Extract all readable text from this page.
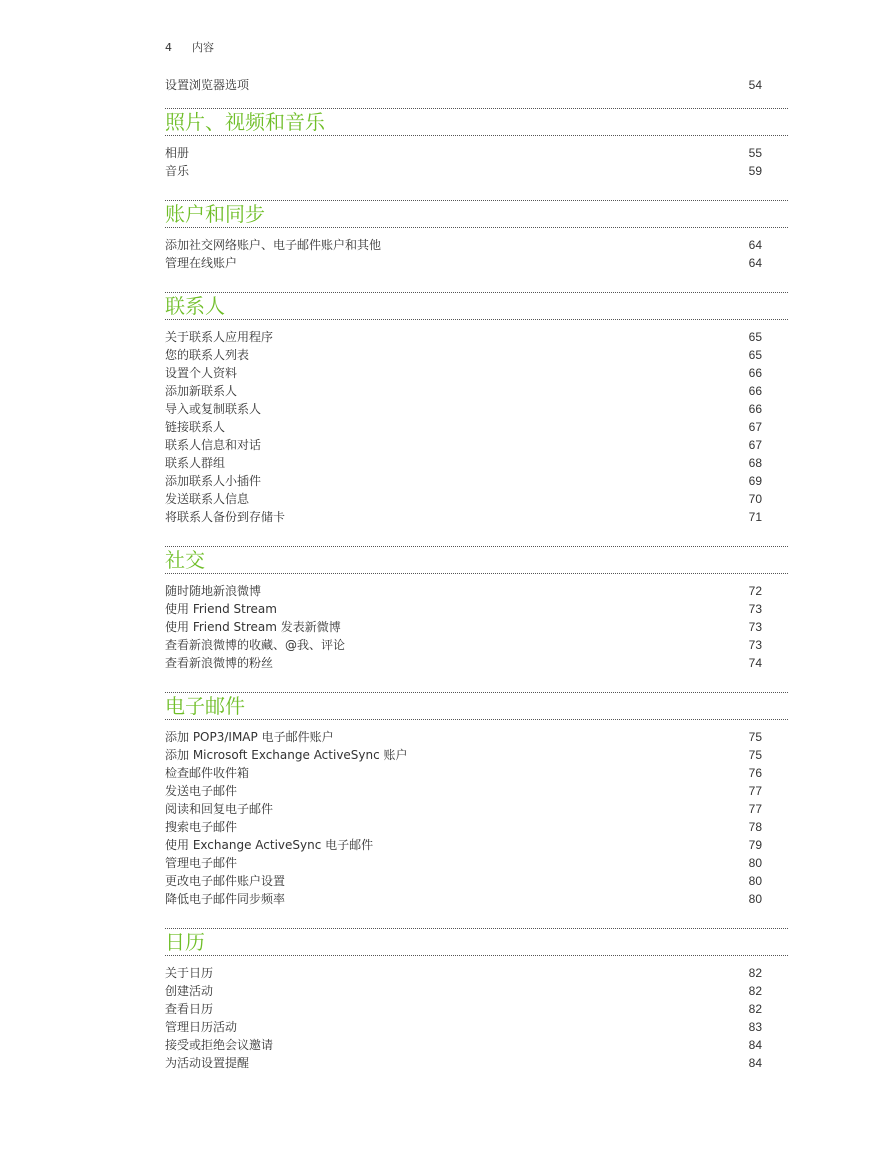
4 内容
设置浏览器选项	54
照片、视频和音乐
相册	55
音乐	59
账户和同步
添加社交网络账户、电子邮件账户和其他	64
管理在线账户	64
联系人
关于联系人应用程序	65
您的联系人列表	65
设置个人资料	66
添加新联系人	66
导入或复制联系人	66
链接联系人	67
联系人信息和对话	67
联系人群组	68
添加联系人小插件	69
发送联系人信息	70
将联系人备份到存储卡	71
社交
随时随地新浪微博	72
使用 Friend Stream	73
使用 Friend Stream 发表新微博	73
查看新浪微博的收藏、@我、评论	73
查看新浪微博的粉丝	74
电子邮件
添加 POP3/IMAP 电子邮件账户	75
添加 Microsoft Exchange ActiveSync 账户	75
检查邮件收件箱	76
发送电子邮件	77
阅读和回复电子邮件	77
搜索电子邮件	78
使用 Exchange ActiveSync 电子邮件	79
管理电子邮件	80
更改电子邮件账户设置	80
降低电子邮件同步频率	80
日历
关于日历	82
创建活动	82
查看日历	82
管理日历活动	83
接受或拒绝会议邀请	84
为活动设置提醒	84
